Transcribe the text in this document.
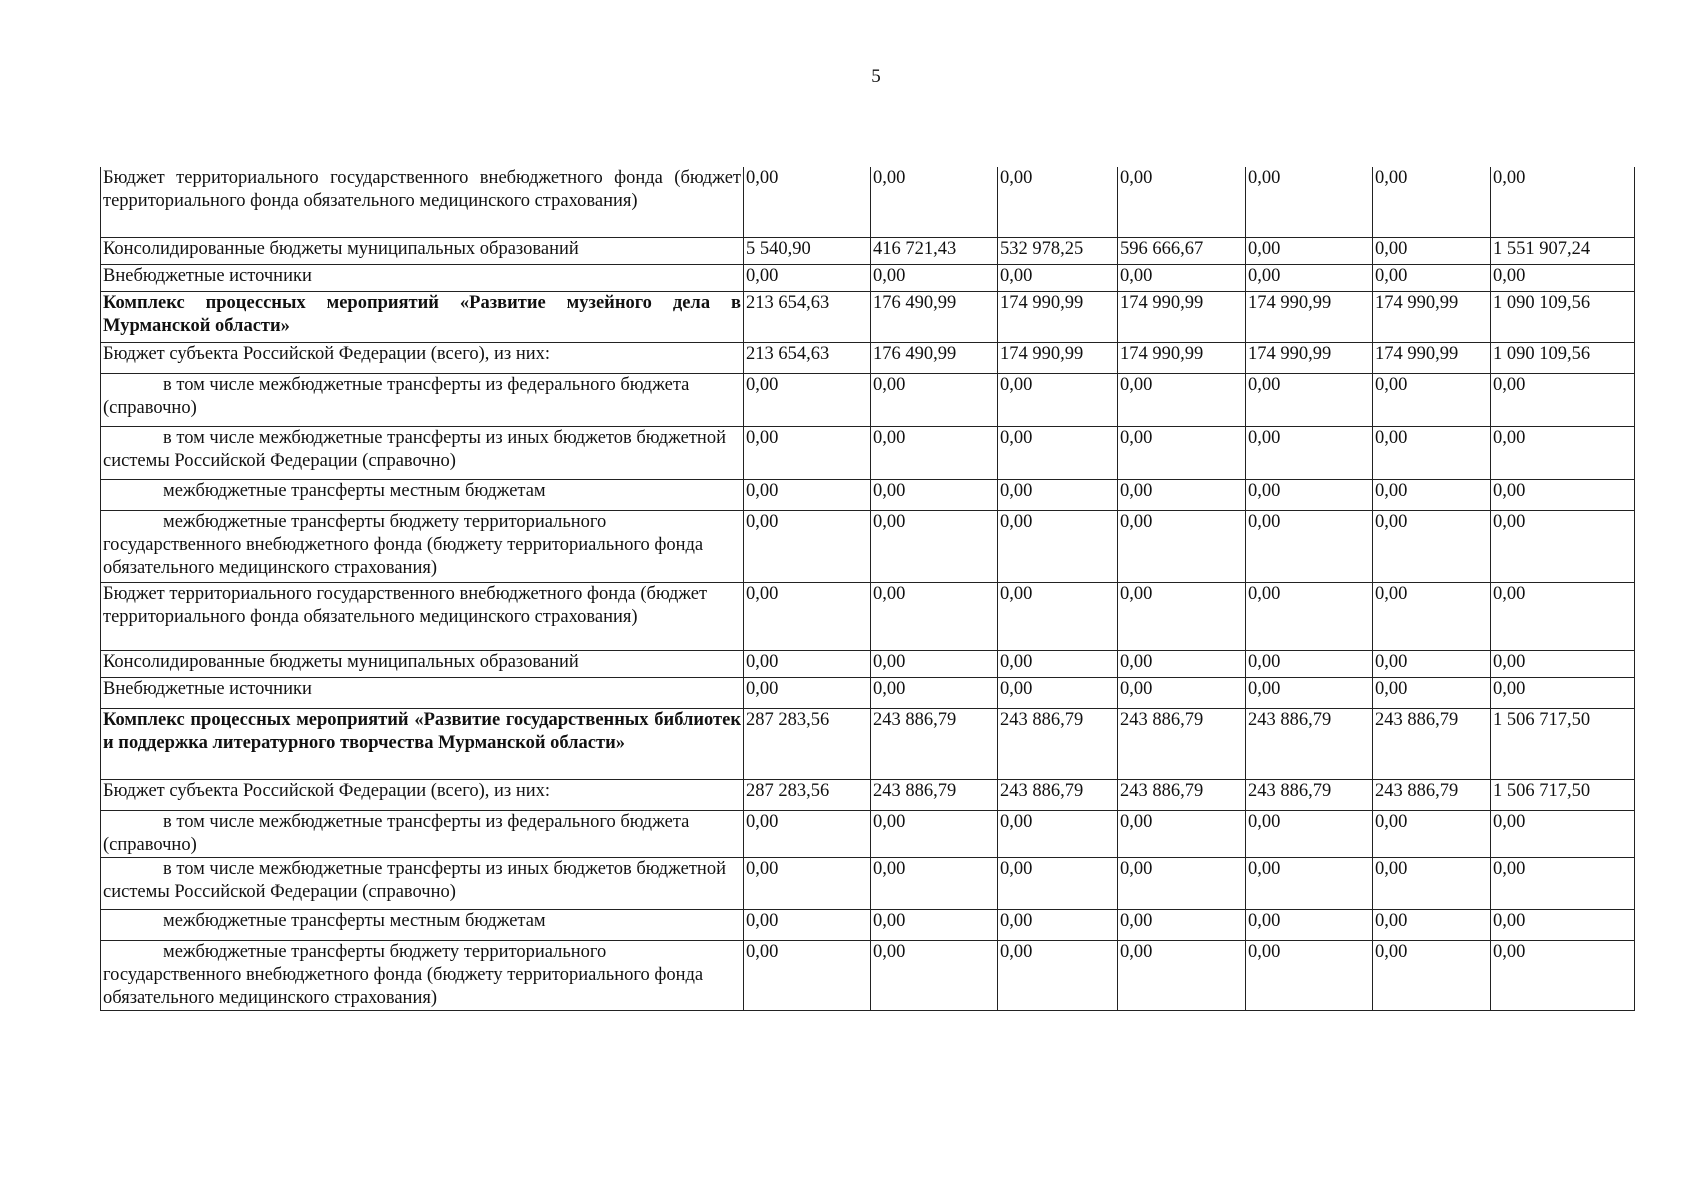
5
Бюджет территориального государственного внебюджетного фонда (бюджет территориального фонда обязательного медицинского страхования)	0,00	0,00	0,00	0,00	0,00	0,00	0,00
Консолидированные бюджеты муниципальных образований	5 540,90	416 721,43	532 978,25	596 666,67	0,00	0,00	1 551 907,24
Внебюджетные источники	0,00	0,00	0,00	0,00	0,00	0,00	0,00
Комплекс процессных мероприятий «Развитие музейного дела в Мурманской области»	213 654,63	176 490,99	174 990,99	174 990,99	174 990,99	174 990,99	1 090 109,56
Бюджет субъекта Российской Федерации (всего), из них:	213 654,63	176 490,99	174 990,99	174 990,99	174 990,99	174 990,99	1 090 109,56
в том числе межбюджетные трансферты из федерального бюджета (справочно)	0,00	0,00	0,00	0,00	0,00	0,00	0,00
в том числе межбюджетные трансферты из иных бюджетов бюджетной системы Российской Федерации (справочно)	0,00	0,00	0,00	0,00	0,00	0,00	0,00
межбюджетные трансферты местным бюджетам	0,00	0,00	0,00	0,00	0,00	0,00	0,00
межбюджетные трансферты бюджету территориального государственного внебюджетного фонда (бюджету территориального фонда обязательного медицинского страхования)	0,00	0,00	0,00	0,00	0,00	0,00	0,00
Бюджет территориального государственного внебюджетного фонда (бюджет территориального фонда обязательного медицинского страхования)	0,00	0,00	0,00	0,00	0,00	0,00	0,00
Консолидированные бюджеты муниципальных образований	0,00	0,00	0,00	0,00	0,00	0,00	0,00
Внебюджетные источники	0,00	0,00	0,00	0,00	0,00	0,00	0,00
Комплекс процессных мероприятий «Развитие государственных библиотек и поддержка литературного творчества Мурманской области»	287 283,56	243 886,79	243 886,79	243 886,79	243 886,79	243 886,79	1 506 717,50
Бюджет субъекта Российской Федерации (всего), из них:	287 283,56	243 886,79	243 886,79	243 886,79	243 886,79	243 886,79	1 506 717,50
в том числе межбюджетные трансферты из федерального бюджета (справочно)	0,00	0,00	0,00	0,00	0,00	0,00	0,00
в том числе межбюджетные трансферты из иных бюджетов бюджетной системы Российской Федерации (справочно)	0,00	0,00	0,00	0,00	0,00	0,00	0,00
межбюджетные трансферты местным бюджетам	0,00	0,00	0,00	0,00	0,00	0,00	0,00
межбюджетные трансферты бюджету территориального государственного внебюджетного фонда (бюджету территориального фонда обязательного медицинского страхования)	0,00	0,00	0,00	0,00	0,00	0,00	0,00
